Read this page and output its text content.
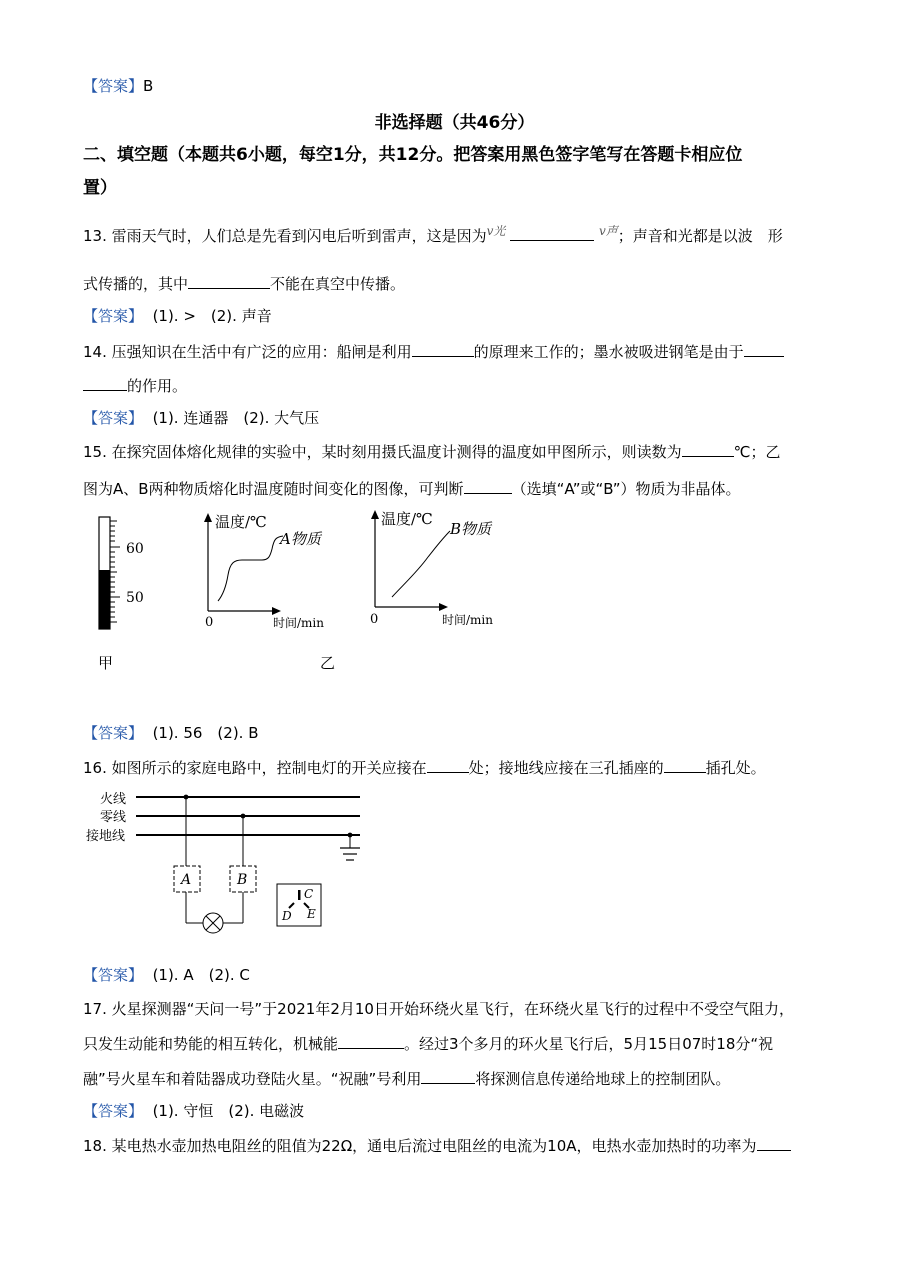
【答案】B
非选择题（共46分）
二、填空题（本题共6小题，每空1分，共12分。把答案用黑色签字笔写在答题卡相应位
置）
13. 雷雨天气时，人们总是先看到闪电后听到雷声，这是因为$^{v光}$	$^{v声}$；声音和光都是以波　形
式传播的，其中	不能在真空中传播。
【答案】 (1). >　(2). 声音
14. 压强知识在生活中有广泛的应用：船闸是利用	的原理来工作的；墨水被吸进钢笔是由于
的作用。
【答案】 (1). 连通器　(2). 大气压
15. 在探究固体熔化规律的实验中，某时刻用摄氏温度计测得的温度如甲图所示，则读数为	℃；乙
图为A、B两种物质熔化时温度随时间变化的图像，可判断	（选填“A”或“B”）物质为非晶体。
60
50
温度/℃
0	时间/min
A物质
温度/℃
0	时间/min
B物质
甲	乙
【答案】 (1). 56　(2). B
16. 如图所示的家庭电路中，控制电灯的开关应接在	处；接地线应接在三孔插座的	插孔处。
火线
零线
接地线
A	B
C
D E
【答案】 (1). A　(2). C
17. 火星探测器“天问一号”于2021年2月10日开始环绕火星飞行，在环绕火星飞行的过程中不受空气阻力，
只发生动能和势能的相互转化，机械能	。经过3个多月的环火星飞行后，5月15日07时18分“祝
融”号火星车和着陆器成功登陆火星。“祝融”号利用	将探测信息传递给地球上的控制团队。
【答案】 (1). 守恒　(2). 电磁波
18. 某电热水壶加热电阻丝的阻值为22Ω，通电后流过电阻丝的电流为10A，电热水壶加热时的功率为
